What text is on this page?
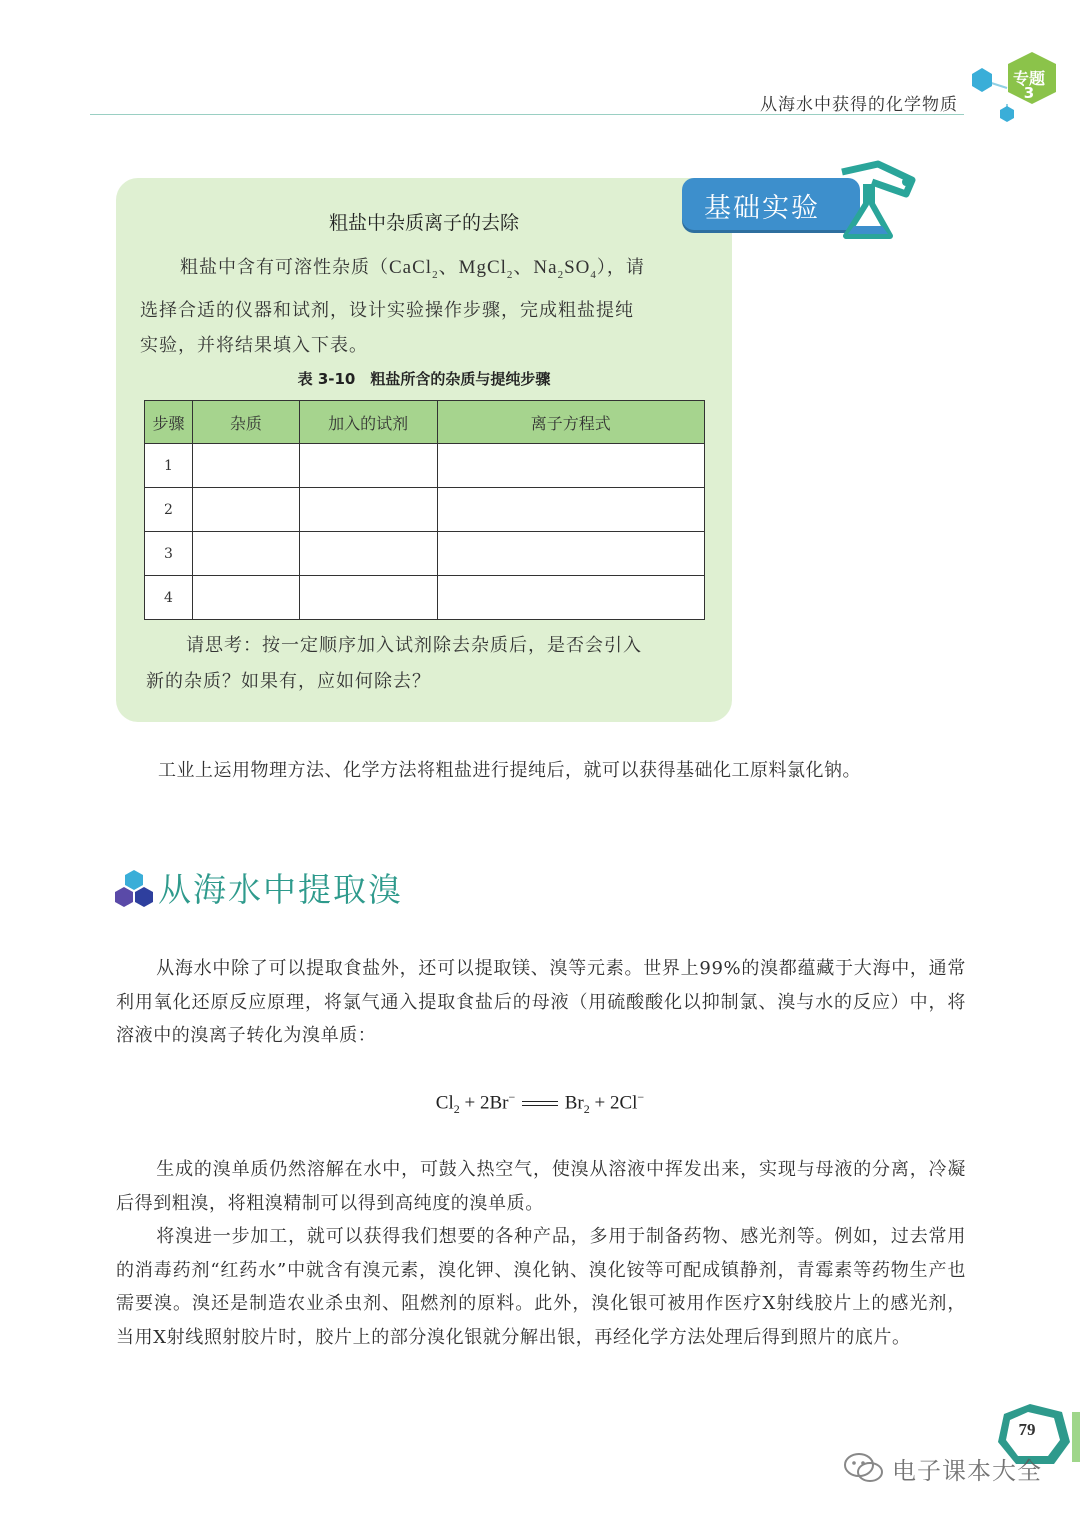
从海水中获得的化学物质
专题
3
基础实验
粗盐中杂质离子的去除
粗盐中含有可溶性杂质（CaCl$_2$、MgCl$_2$、$Na_2SO_4$），请
选择合适的仪器和试剂，设计实验操作步骤，完成粗盐提纯
实验，并将结果填入下表。
表 3-10　粗盐所含的杂质与提纯步骤
步骤	杂质	加入的试剂	离子方程式
1			
2			
3			
4			
请思考：按一定顺序加入试剂除去杂质后，是否会引入
新的杂质？如果有，应如何除去？
工业上运用物理方法、化学方法将粗盐进行提纯后，就可以获得基础化工原料氯化钠。
从海水中提取溴
从海水中除了可以提取食盐外，还可以提取镁、溴等元素。世界上99%的溴都蕴藏于大海中，通常利用氧化还原反应原理，将氯气通入提取食盐后的母液（用硫酸酸化以抑制氯、溴与水的反应）中，将溶液中的溴离子转化为溴单质：
$Cl_2 + 2Br^-$  $Br_2 + 2Cl^-$
生成的溴单质仍然溶解在水中，可鼓入热空气，使溴从溶液中挥发出来，实现与母液的分离，冷凝后得到粗溴，将粗溴精制可以得到高纯度的溴单质。
将溴进一步加工，就可以获得我们想要的各种产品，多用于制备药物、感光剂等。例如，过去常用的消毒药剂“红药水”中就含有溴元素，溴化钾、溴化钠、溴化铵等可配成镇静剂，青霉素等药物生产也需要溴。溴还是制造农业杀虫剂、阻燃剂的原料。此外，溴化银可被用作医疗X射线胶片上的感光剂，当用X射线照射胶片时，胶片上的部分溴化银就分解出银，再经化学方法处理后得到照片的底片。
79
电子课本大全
